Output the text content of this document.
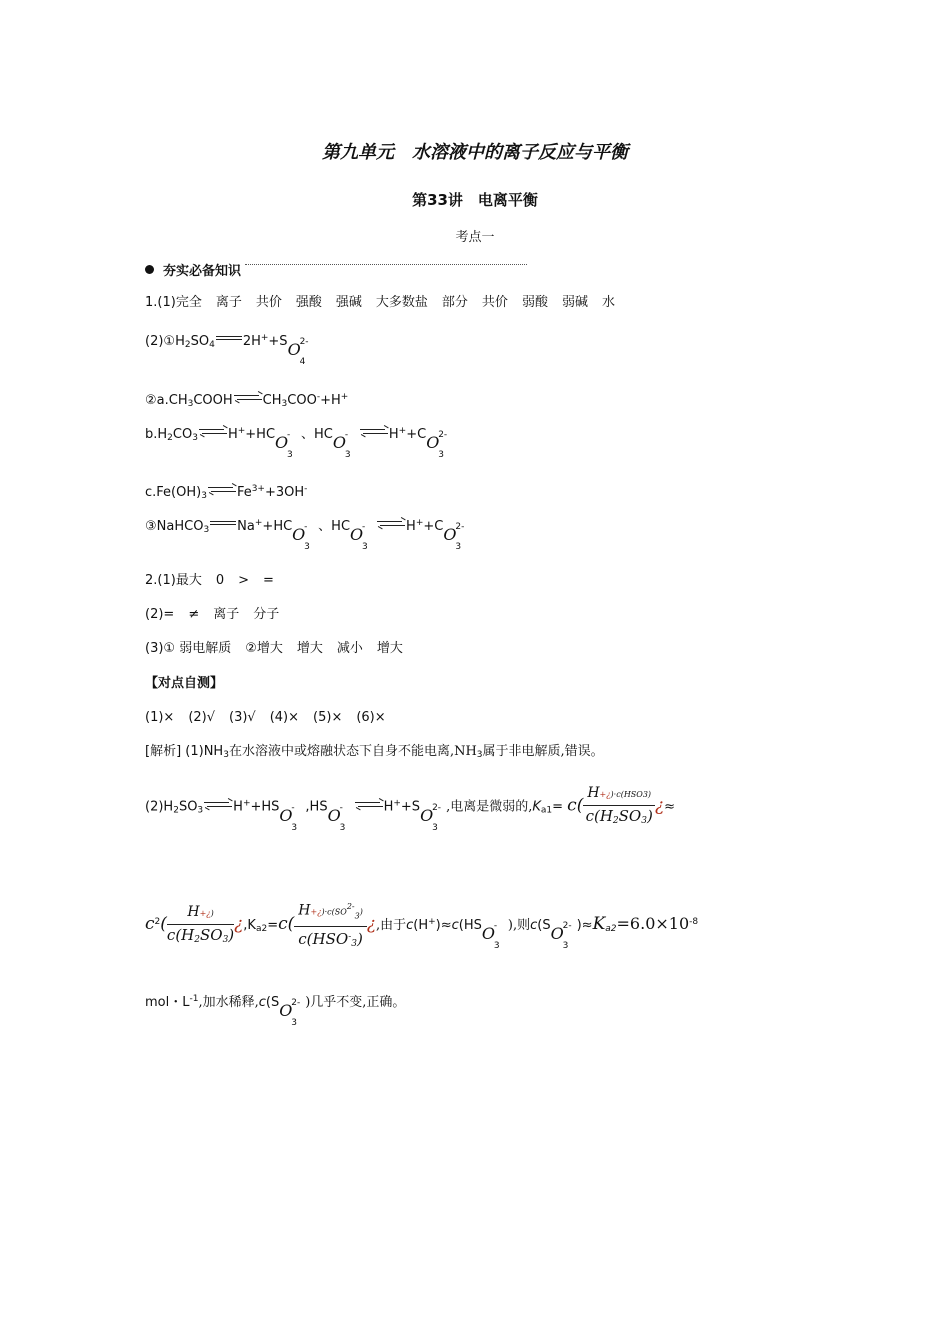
第九单元　水溶液中的离子反应与平衡
第33讲　电离平衡
考点一
夯实必备知识
1.(1)完全 离子 共价 强酸 强碱 大多数盐 部分 共价 弱酸 弱碱 水
$(2)①H_2SO_4$ 2H++S O
2-
4
$②a.CH_3COOH$ $CH_3COO^-+H^+$
$b.H_2CO_3$ H++HC O
-
3
、HC O
-
3
H++C O
2-
3
$c.Fe(OH)_3$ $Fe^{3+}+3OH^-$
③NaHCO$_3$ Na++HC O
-
3
、HC O
-
3
H++C O
2-
3
2.(1)最大 0 > =
(2)= ≠ 离子 分子
(3)① 弱电解质 ②增大 增大 减小 增大
【对点自测】
(1)× (2)√ (3)√ (4)× (5)× (6)×
[解析] $(1)NH_3$在水溶液中或熔融状态下自身不能电离$,NH_3$属于非电解质,错误。
$(2)H_2SO_3$ H++HS O
-
3
,HS O
-
3
H++S O
2-
3
,电离是微弱的$,K_{a1}= c( \frac{\text{H+¿)·c(HSO3)}}{c(H_2SO_3)}$ ¿≈
$c^2( \frac{H+¿)}{c(H_2SO_3)}$ ¿$,K_{a2}=c( \frac{H+¿)\cdot c(SO^{2-}_3)}{c(HSO^-_3)}$ ¿,由于c(H+)≈c(HS O
-
3
),则c(S O
2-
3
)$\approx K_{a2}=6.0\times 10^{-8}$
mol・$L^{-1}$,加水稀释,c(S O
2-
3
)几乎不变,正确。
